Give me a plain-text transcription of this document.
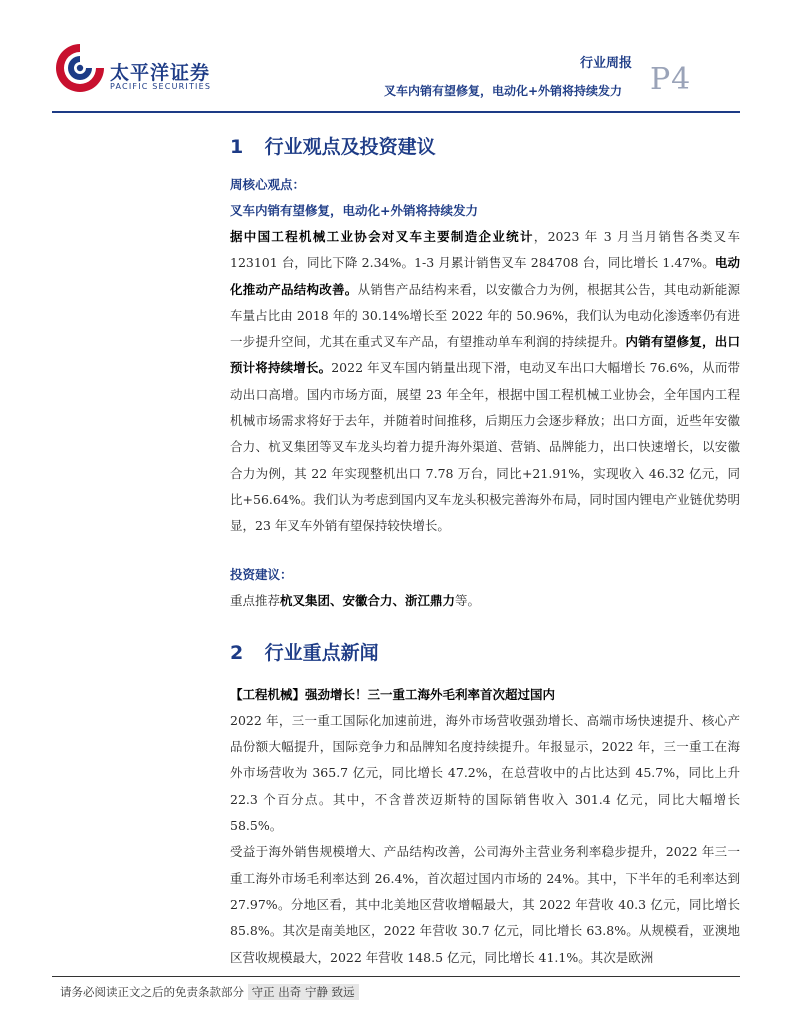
太平洋证券
PACIFIC SECURITIES
行业周报
叉车内销有望修复，电动化+外销将持续发力 P4
1 行业观点及投资建议
周核心观点：
叉车内销有望修复，电动化+外销将持续发力
据中国工程机械工业协会对叉车主要制造企业统计，2023 年 3 月当月销售各类叉车 123101 台，同比下降 2.34%。1-3 月累计销售叉车 284708 台，同比增长 1.47%。电动化推动产品结构改善。从销售产品结构来看，以安徽合力为例，根据其公告，其电动新能源车量占比由 2018 年的 30.14%增长至 2022 年的 50.96%，我们认为电动化渗透率仍有进一步提升空间，尤其在重式叉车产品，有望推动单车利润的持续提升。内销有望修复，出口预计将持续增长。2022 年叉车国内销量出现下滑，电动叉车出口大幅增长 76.6%，从而带动出口高增。国内市场方面，展望 23 年全年，根据中国工程机械工业协会，全年国内工程机械市场需求将好于去年，并随着时间推移，后期压力会逐步释放；出口方面，近些年安徽合力、杭叉集团等叉车龙头均着力提升海外渠道、营销、品牌能力，出口快速增长，以安徽合力为例，其 22 年实现整机出口 7.78 万台，同比+21.91%，实现收入 46.32 亿元，同比+56.64%。我们认为考虑到国内叉车龙头积极完善海外布局，同时国内锂电产业链优势明显，23 年叉车外销有望保持较快增长。
投资建议：
重点推荐杭叉集团、安徽合力、浙江鼎力等。
2 行业重点新闻
【工程机械】强劲增长！三一重工海外毛利率首次超过国内
2022 年，三一重工国际化加速前进，海外市场营收强劲增长、高端市场快速提升、核心产品份额大幅提升，国际竞争力和品牌知名度持续提升。年报显示，2022 年，三一重工在海外市场营收为 365.7 亿元，同比增长 47.2%，在总营收中的占比达到 45.7%，同比上升 22.3 个百分点。其中，不含普茨迈斯特的国际销售收入 301.4 亿元，同比大幅增长 58.5%。
受益于海外销售规模增大、产品结构改善，公司海外主营业务利率稳步提升，2022 年三一重工海外市场毛利率达到 26.4%，首次超过国内市场的 24%。其中，下半年的毛利率达到 27.97%。分地区看，其中北美地区营收增幅最大，其 2022 年营收 40.3 亿元，同比增长 85.8%。其次是南美地区，2022 年营收 30.7 亿元，同比增长 63.8%。从规模看，亚澳地区营收规模最大，2022 年营收 148.5 亿元，同比增长 41.1%。其次是欧洲
请务必阅读正文之后的免责条款部分 守正 出奇 宁静 致远
